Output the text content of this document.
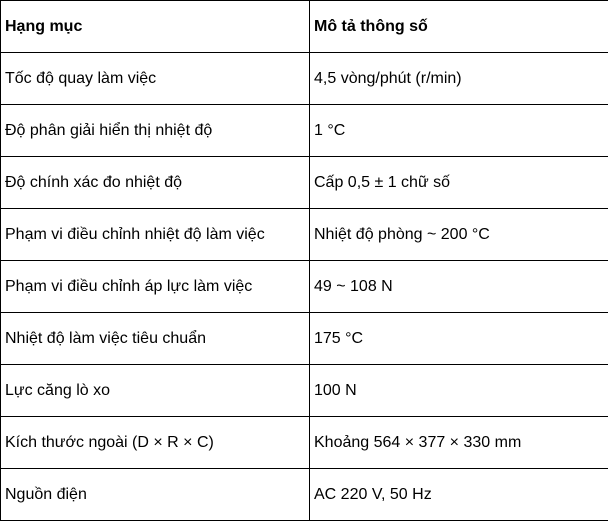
Hạng mục	Mô tả thông số
Tốc độ quay làm việc	4,5 vòng/phút (r/min)
Độ phân giải hiển thị nhiệt độ	1 °C
Độ chính xác đo nhiệt độ	Cấp 0,5 ± 1 chữ số
Phạm vi điều chỉnh nhiệt độ làm việc	Nhiệt độ phòng ~ 200 °C
Phạm vi điều chỉnh áp lực làm việc	49 ~ 108 N
Nhiệt độ làm việc tiêu chuẩn	175 °C
Lực căng lò xo	100 N
Kích thước ngoài (D × R × C)	Khoảng 564 × 377 × 330 mm
Nguồn điện	AC 220 V, 50 Hz
